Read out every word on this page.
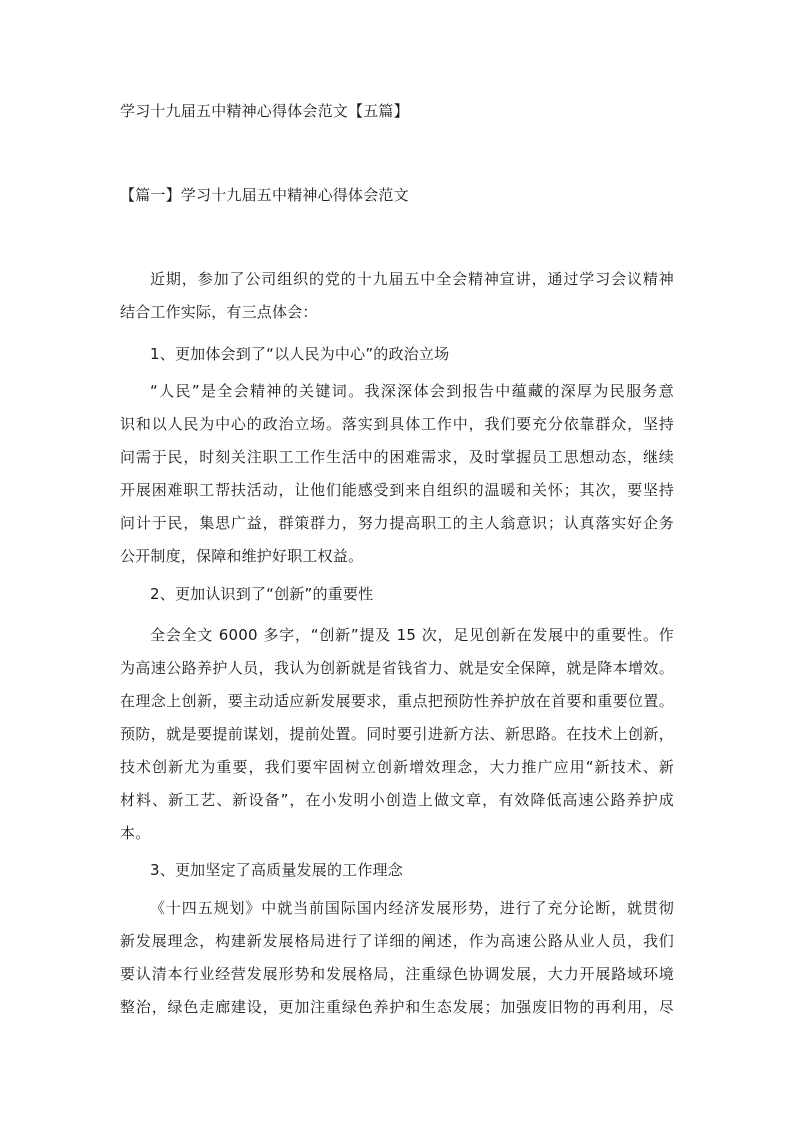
学习十九届五中精神心得体会范文【五篇】
【篇一】学习十九届五中精神心得体会范文
近期，参加了公司组织的党的十九届五中全会精神宣讲，通过学习会议精神
结合工作实际，有三点体会：
1、更加体会到了“以人民为中心”的政治立场
“人民”是全会精神的关键词。我深深体会到报告中蕴藏的深厚为民服务意
识和以人民为中心的政治立场。落实到具体工作中，我们要充分依靠群众，坚持
问需于民，时刻关注职工工作生活中的困难需求，及时掌握员工思想动态，继续
开展困难职工帮扶活动，让他们能感受到来自组织的温暖和关怀；其次，要坚持
问计于民，集思广益，群策群力，努力提高职工的主人翁意识；认真落实好企务
公开制度，保障和维护好职工权益。
2、更加认识到了“创新”的重要性
全会全文 6000 多字，“创新”提及 15 次，足见创新在发展中的重要性。作
为高速公路养护人员，我认为创新就是省钱省力、就是安全保障，就是降本增效。
在理念上创新，要主动适应新发展要求，重点把预防性养护放在首要和重要位置。
预防，就是要提前谋划，提前处置。同时要引进新方法、新思路。在技术上创新，
技术创新尤为重要，我们要牢固树立创新增效理念，大力推广应用“新技术、新
材料、新工艺、新设备”，在小发明小创造上做文章，有效降低高速公路养护成
本。
3、更加坚定了高质量发展的工作理念
《十四五规划》中就当前国际国内经济发展形势，进行了充分论断，就贯彻
新发展理念，构建新发展格局进行了详细的阐述，作为高速公路从业人员，我们
要认清本行业经营发展形势和发展格局，注重绿色协调发展，大力开展路域环境
整治，绿色走廊建设，更加注重绿色养护和生态发展；加强废旧物的再利用，尽
